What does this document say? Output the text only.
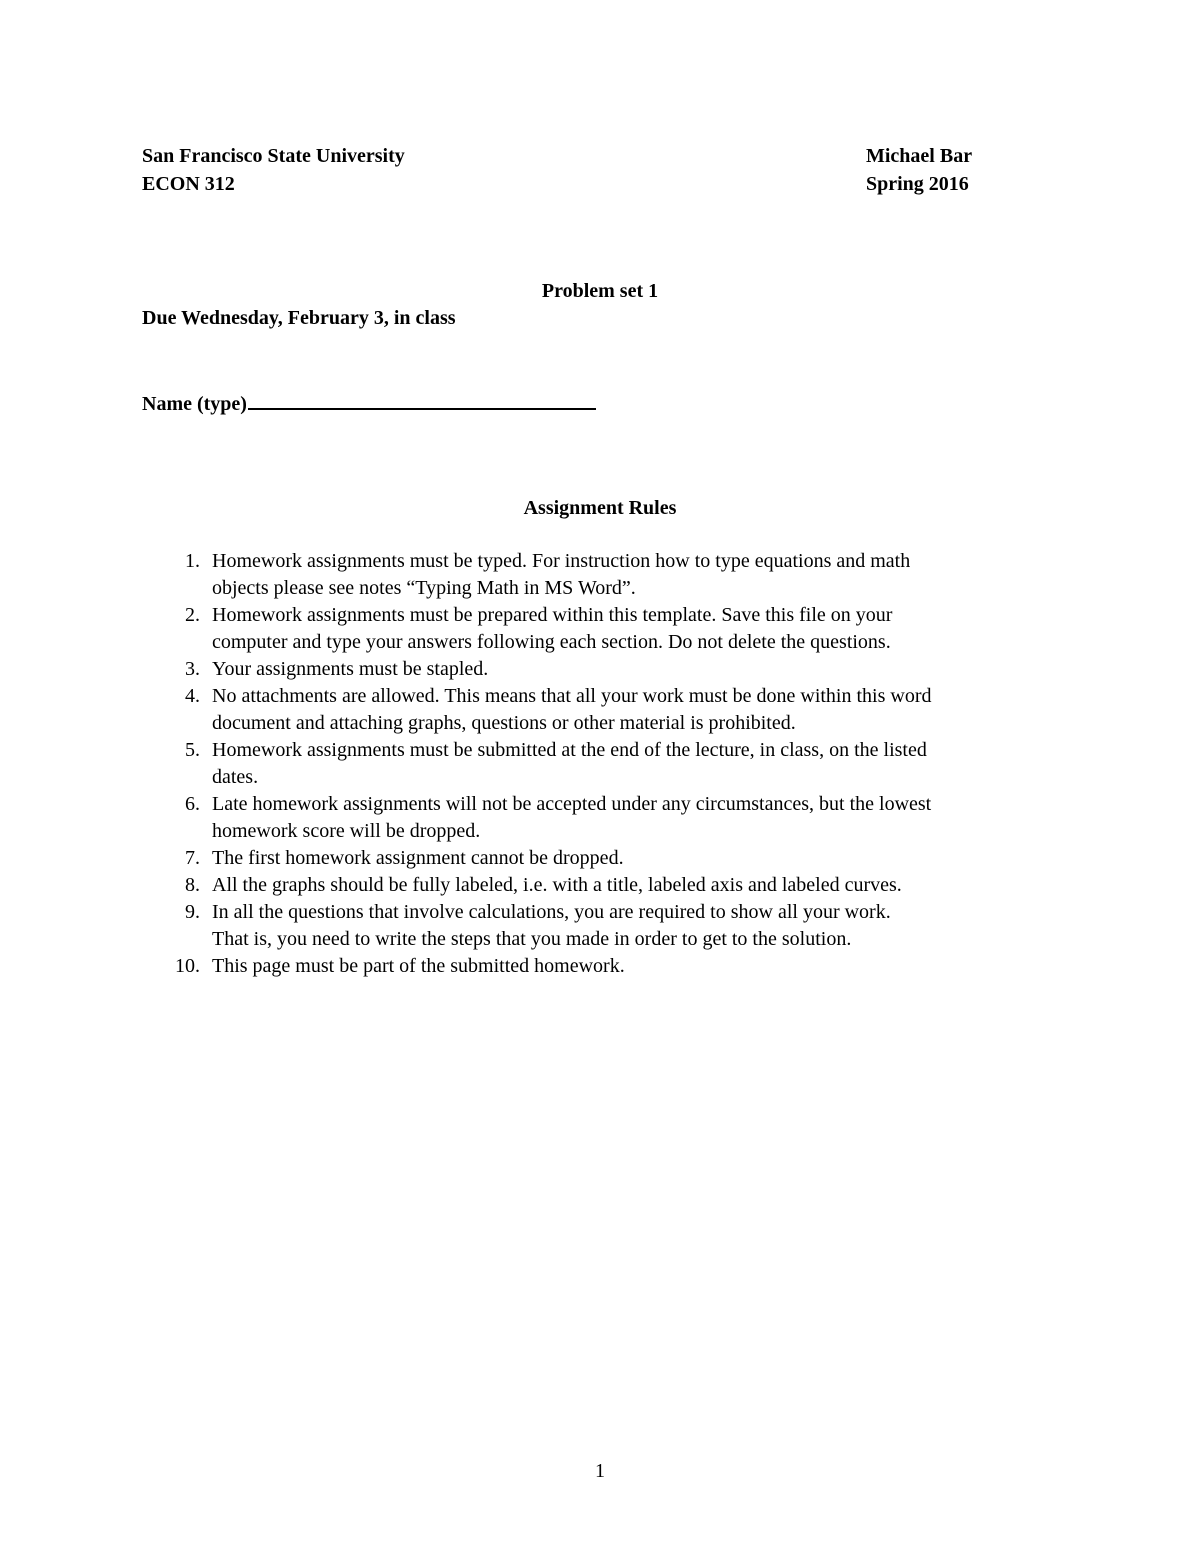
San Francisco State University
ECON 312
Michael Bar
Spring 2016
Problem set 1
Due Wednesday, February 3, in class
Name (type)
Assignment Rules
1. Homework assignments must be typed. For instruction how to type equations and math
objects please see notes “Typing Math in MS Word”.
2. Homework assignments must be prepared within this template. Save this file on your
computer and type your answers following each section. Do not delete the questions.
3. Your assignments must be stapled.
4. No attachments are allowed. This means that all your work must be done within this word
document and attaching graphs, questions or other material is prohibited.
5. Homework assignments must be submitted at the end of the lecture, in class, on the listed
dates.
6. Late homework assignments will not be accepted under any circumstances, but the lowest
homework score will be dropped.
7. The first homework assignment cannot be dropped.
8. All the graphs should be fully labeled, i.e. with a title, labeled axis and labeled curves.
9. In all the questions that involve calculations, you are required to show all your work.
That is, you need to write the steps that you made in order to get to the solution.
10. This page must be part of the submitted homework.
1
